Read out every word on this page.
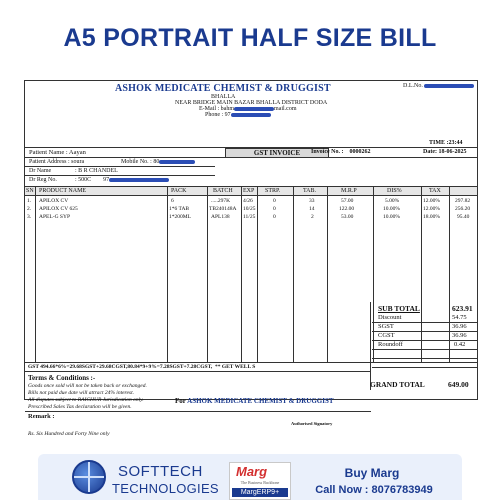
A5 PORTRAIT HALF SIZE BILL
ASHOK MEDICATE CHEMIST & DRUGGIST	D.L.No.
BHALLA
NEAR BRIDGE MAIN BAZAR BHALLA DISTRICT DODA
E-Mail : bahm	mail.com
Phone : 97
TIME :23:44
Patient Name : Aayan	GST INVOICE	Invoice No. : 0000262	Date: 18-06-2025
Patient Address : soura	Mobile No. : 80
Dr Name	: B R CHANDEL
Dr Reg No.	: 500C 97
SN PRODUCT NAME	PACK	BATCH EXP STRP.	TAB.	M.R.P	DIS%	TAX
1. APILOX CV	6	.....297K 4/26	0	33	57.00	5.00%	12.00%	297.82
2. APILOX CV 625	1*6 TAB	TB240148A 10/25	0	14	122.00	10.00%	12.00%	256.20
3. APEL-G SYP	1*200ML	APL138 11/25	0	2	53.00	10.00%	18.00%	95.40
GST 494.66*6%=29.68SGST+29.68CGST,80.84*9+9%=7.28SGST+7.28CGST, ** GET WELL S
Terms & Conditions :-
Goods once sold will not be taken back or exchanged.
Bills not paid due date will attract 24% interest.
All disputes subject to RAICHUR Jurisdication only.
Prescribed Sales Tax declaration will be given.
For ASHOK MEDICATE CHEMIST & DRUGGIST
Remark :
Authorised Signatory
Rs. Six Hundred and Forty Nine only
SUB TOTAL	623.91
Discount	54.75
SGST	36.96
CGST	36.96
Roundoff	0.42
GRAND TOTAL	649.00
SOFTTECH
TECHNOLOGIES
Marg
The Business Backbone
MargERP9+
Buy Marg
Call Now : 8076783949
